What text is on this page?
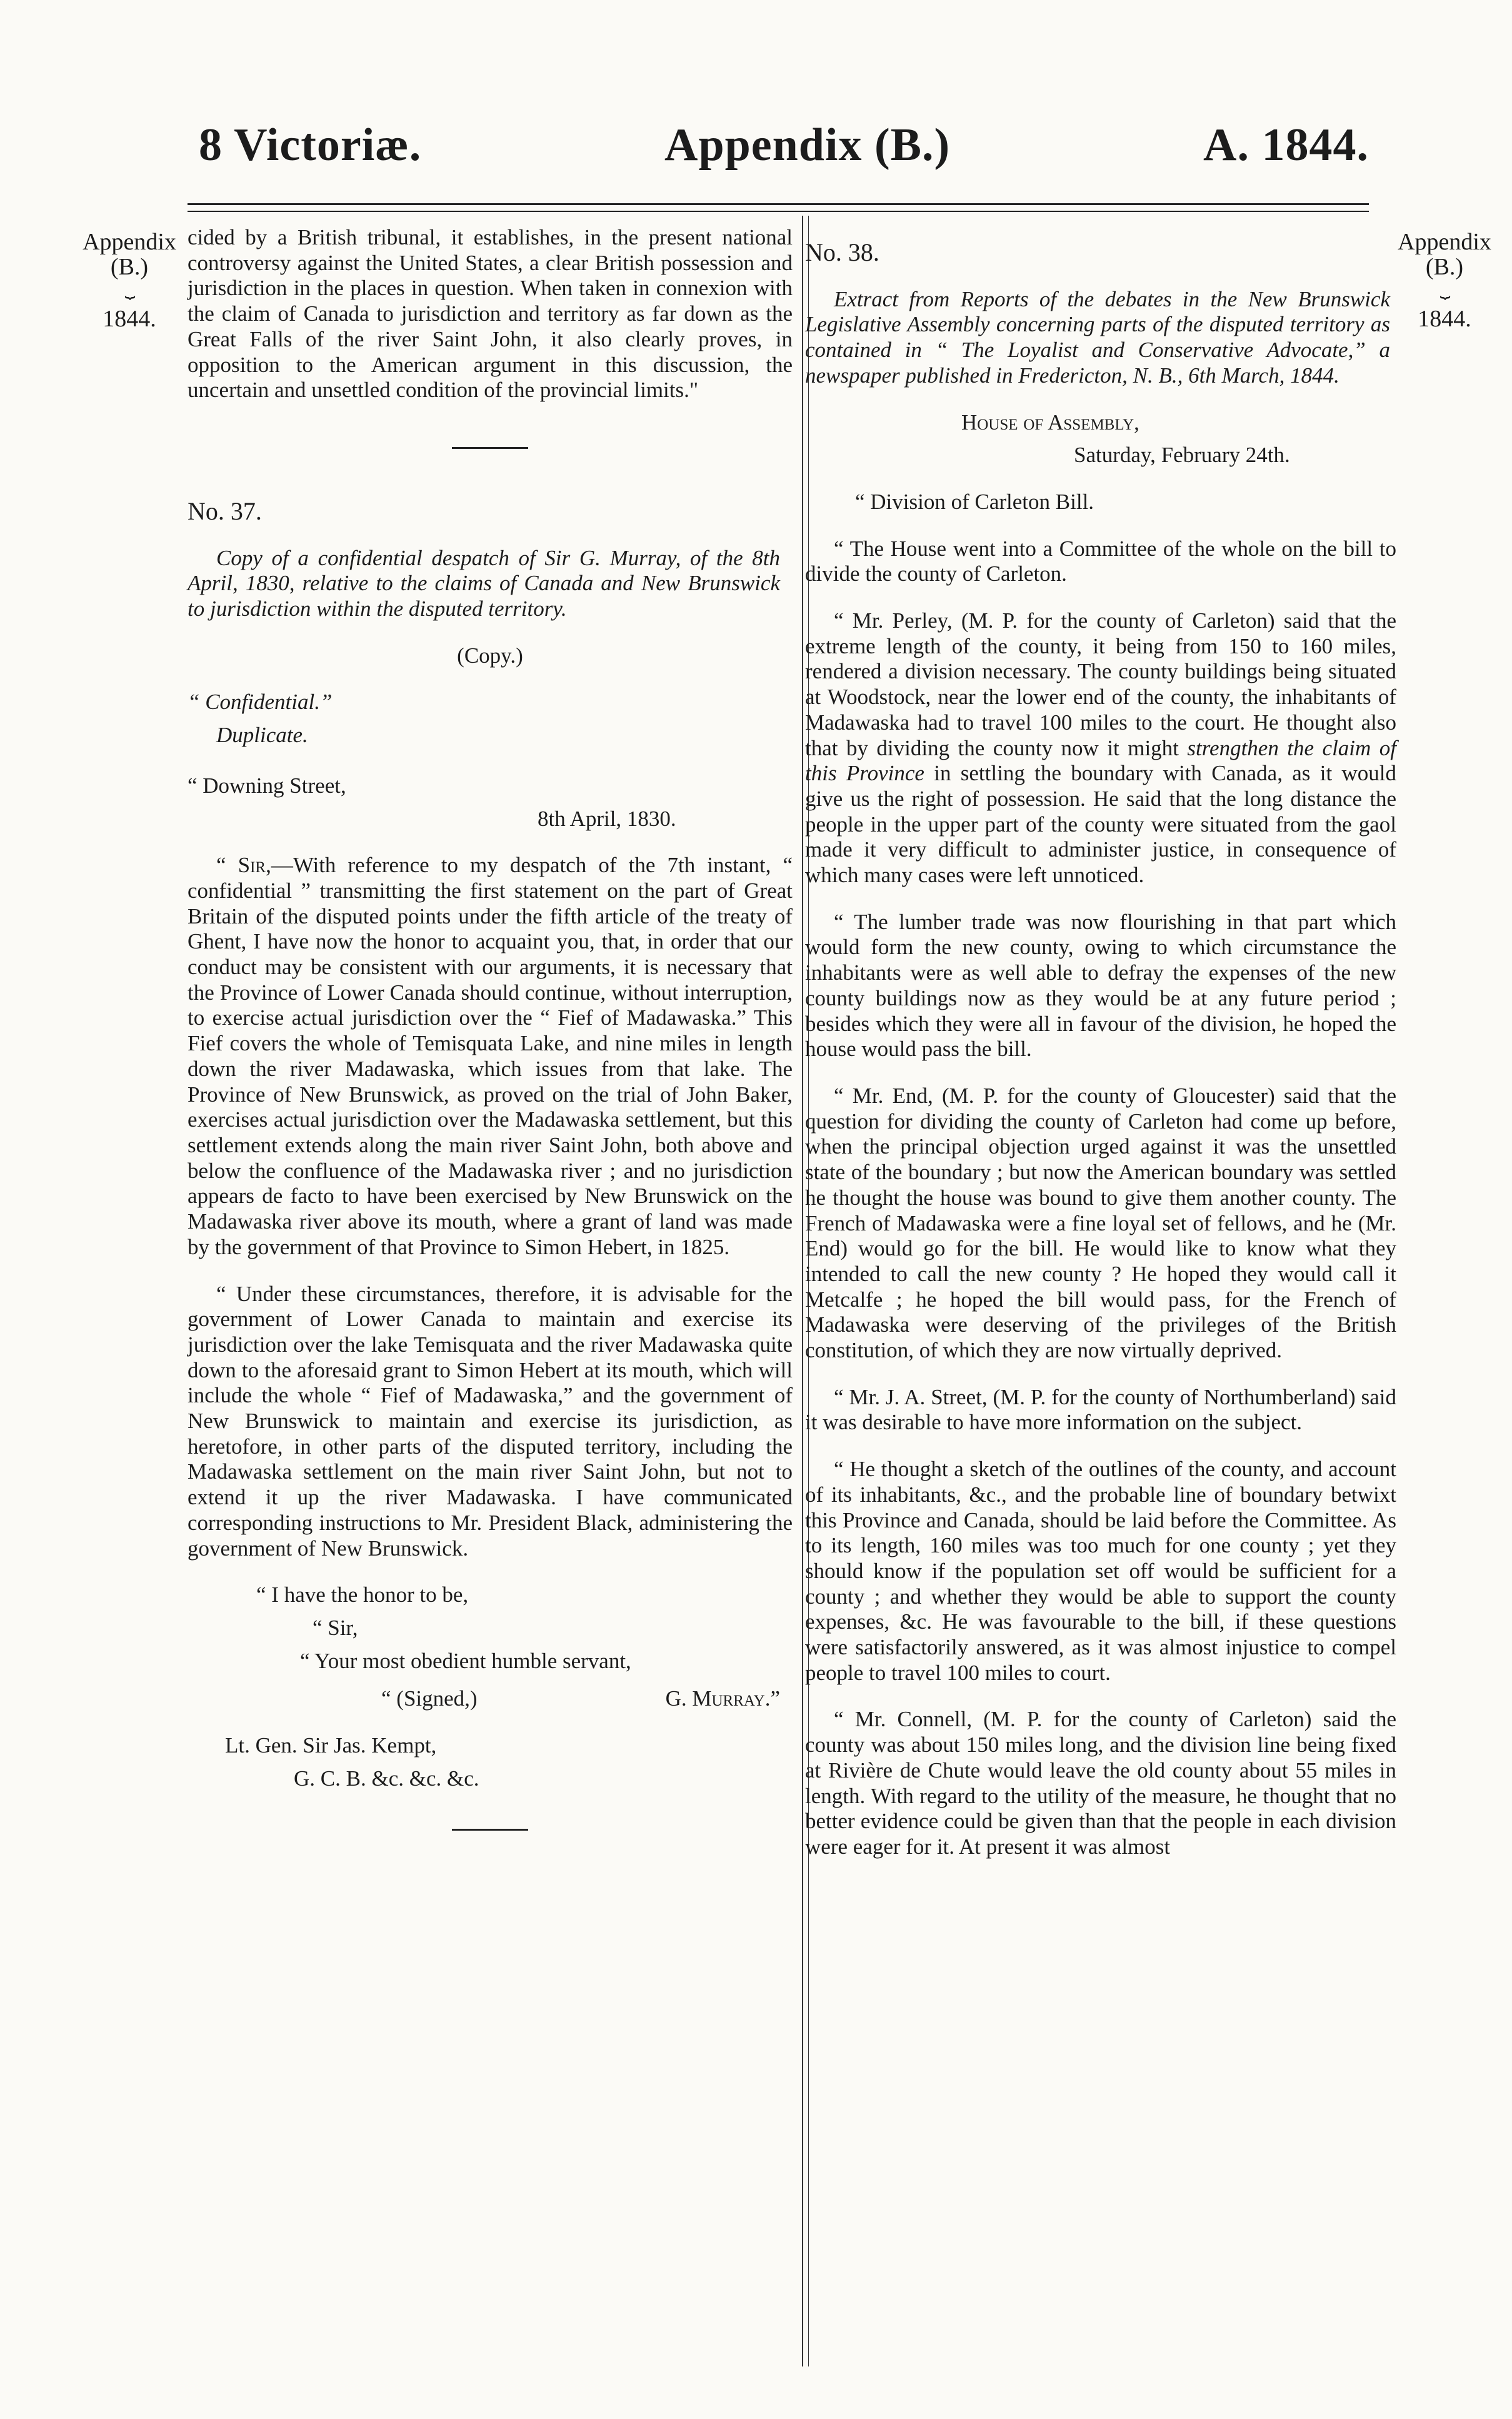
8 Victoriæ.	Appendix (B.)	A. 1844.
Appendix
(B.)
⏟
1844.
Appendix
(B.)
⏟
1844.

cided by a British tribunal, it establishes, in the present national controversy against the United States, a clear British possession and jurisdiction in the places in question. When taken in connexion with the claim of Canada to jurisdiction and territory as far down as the Great Falls of the river Saint John, it also clearly proves, in opposition to the American argument in this discussion, the uncertain and unsettled condition of the provincial limits."

No. 37.

Copy of a confidential despatch of Sir G. Murray, of the 8th April, 1830, relative to the claims of Canada and New Brunswick to jurisdiction within the disputed territory.

(Copy.)

“ Confidential.”

Duplicate.

“ Downing Street,

8th April, 1830.

“ Sir,—With reference to my despatch of the 7th instant, “ confidential ” transmitting the first statement on the part of Great Britain of the disputed points under the fifth article of the treaty of Ghent, I have now the honor to acquaint you, that, in order that our conduct may be consistent with our arguments, it is necessary that the Province of Lower Canada should continue, without interruption, to exercise actual jurisdiction over the “ Fief of Madawaska.” This Fief covers the whole of Temisquata Lake, and nine miles in length down the river Madawaska, which issues from that lake. The Province of New Brunswick, as proved on the trial of John Baker, exercises actual jurisdiction over the Madawaska settlement, but this settlement extends along the main river Saint John, both above and below the confluence of the Madawaska river ; and no jurisdiction appears de facto to have been exercised by New Brunswick on the Madawaska river above its mouth, where a grant of land was made by the government of that Province to Simon Hebert, in 1825.

“ Under these circumstances, therefore, it is advisable for the government of Lower Canada to maintain and exercise its jurisdiction over the lake Temisquata and the river Madawaska quite down to the aforesaid grant to Simon Hebert at its mouth, which will include the whole “ Fief of Madawaska,” and the government of New Brunswick to maintain and exercise its jurisdiction, as heretofore, in other parts of the disputed territory, including the Madawaska settlement on the main river Saint John, but not to extend it up the river Madawaska. I have communicated corresponding instructions to Mr. President Black, administering the government of New Brunswick.

“ I have the honor to be,

“ Sir,

“ Your most obedient humble servant,

“ (Signed,)	G. Murray.”

Lt. Gen. Sir Jas. Kempt,

G. C. B. &c. &c. &c.

No. 38.

Extract from Reports of the debates in the New Brunswick Legislative Assembly concerning parts of the disputed territory as contained in “ The Loyalist and Conservative Advocate,” a newspaper published in Fredericton, N. B., 6th March, 1844.

House of Assembly,

Saturday, February 24th.

“ Division of Carleton Bill.

“ The House went into a Committee of the whole on the bill to divide the county of Carleton.

“ Mr. Perley, (M. P. for the county of Carleton) said that the extreme length of the county, it being from 150 to 160 miles, rendered a division necessary. The county buildings being situated at Woodstock, near the lower end of the county, the inhabitants of Madawaska had to travel 100 miles to the court. He thought also that by dividing the county now it might strengthen the claim of this Province in settling the boundary with Canada, as it would give us the right of possession. He said that the long distance the people in the upper part of the county were situated from the gaol made it very difficult to administer justice, in consequence of which many cases were left unnoticed.

“ The lumber trade was now flourishing in that part which would form the new county, owing to which circumstance the inhabitants were as well able to defray the expenses of the new county buildings now as they would be at any future period ; besides which they were all in favour of the division, he hoped the house would pass the bill.

“ Mr. End, (M. P. for the county of Gloucester) said that the question for dividing the county of Carleton had come up before, when the principal objection urged against it was the unsettled state of the boundary ; but now the American boundary was settled he thought the house was bound to give them another county. The French of Madawaska were a fine loyal set of fellows, and he (Mr. End) would go for the bill. He would like to know what they intended to call the new county ? He hoped they would call it Metcalfe ; he hoped the bill would pass, for the French of Madawaska were deserving of the privileges of the British constitution, of which they are now virtually deprived.

“ Mr. J. A. Street, (M. P. for the county of Northumberland) said it was desirable to have more information on the subject.

“ He thought a sketch of the outlines of the county, and account of its inhabitants, &c., and the probable line of boundary betwixt this Province and Canada, should be laid before the Committee. As to its length, 160 miles was too much for one county ; yet they should know if the population set off would be sufficient for a county ; and whether they would be able to support the county expenses, &c. He was favourable to the bill, if these questions were satisfactorily answered, as it was almost injustice to compel people to travel 100 miles to court.

“ Mr. Connell, (M. P. for the county of Carleton) said the county was about 150 miles long, and the division line being fixed at Rivière de Chute would leave the old county about 55 miles in length. With regard to the utility of the measure, he thought that no better evidence could be given than that the people in each division were eager for it. At present it was almost
